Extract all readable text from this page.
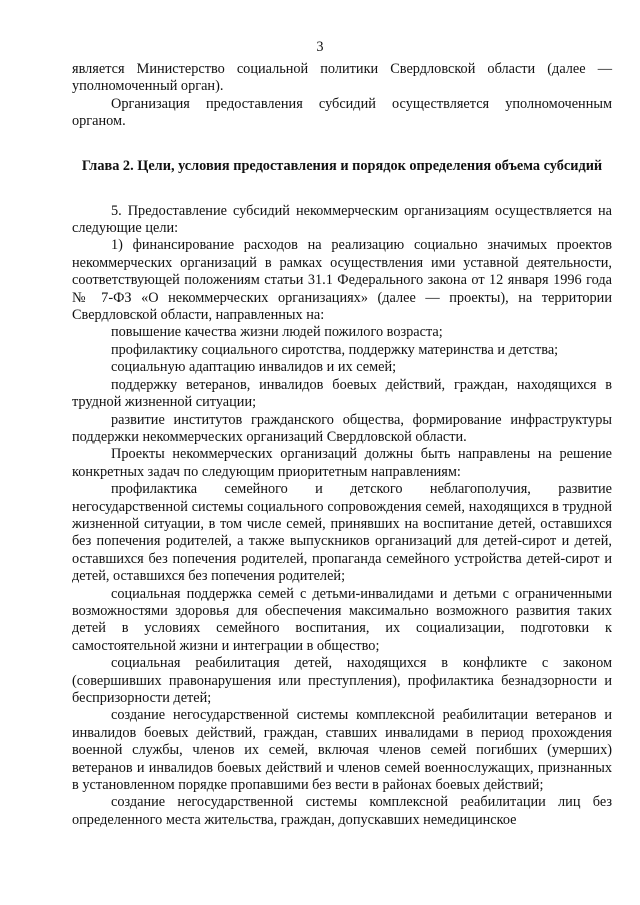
3

является Министерство социальной политики Свердловской области (далее — уполномоченный орган).

Организация предоставления субсидий осуществляется уполномоченным органом.

Глава 2. Цели, условия предоставления и порядок определения объема субсидий

5. Предоставление субсидий некоммерческим организациям осуществляется на следующие цели:

1) финансирование расходов на реализацию социально значимых проектов некоммерческих организаций в рамках осуществления ими уставной деятельности, соответствующей положениям статьи 31.1 Федерального закона от 12 января 1996 года № 7-ФЗ «О некоммерческих организациях» (далее — проекты), на территории Свердловской области, направленных на:

повышение качества жизни людей пожилого возраста;

профилактику социального сиротства, поддержку материнства и детства;

социальную адаптацию инвалидов и их семей;

поддержку ветеранов, инвалидов боевых действий, граждан, находящихся в трудной жизненной ситуации;

развитие институтов гражданского общества, формирование инфраструктуры поддержки некоммерческих организаций Свердловской области.

Проекты некоммерческих организаций должны быть направлены на решение конкретных задач по следующим приоритетным направлениям:

профилактика семейного и детского неблагополучия, развитие негосударственной системы социального сопровождения семей, находящихся в трудной жизненной ситуации, в том числе семей, принявших на воспитание детей, оставшихся без попечения родителей, а также выпускников организаций для детей-сирот и детей, оставшихся без попечения родителей, пропаганда семейного устройства детей-сирот и детей, оставшихся без попечения родителей;

социальная поддержка семей с детьми-инвалидами и детьми с ограниченными возможностями здоровья для обеспечения максимально возможного развития таких детей в условиях семейного воспитания, их социализации, подготовки к самостоятельной жизни и интеграции в общество;

социальная реабилитация детей, находящихся в конфликте с законом (совершивших правонарушения или преступления), профилактика безнадзорности и беспризорности детей;

создание негосударственной системы комплексной реабилитации ветеранов и инвалидов боевых действий, граждан, ставших инвалидами в период прохождения военной службы, членов их семей, включая членов семей погибших (умерших) ветеранов и инвалидов боевых действий и членов семей военнослужащих, признанных в установленном порядке пропавшими без вести в районах боевых действий;

создание негосударственной системы комплексной реабилитации лиц без определенного места жительства, граждан, допускавших немедицинское
